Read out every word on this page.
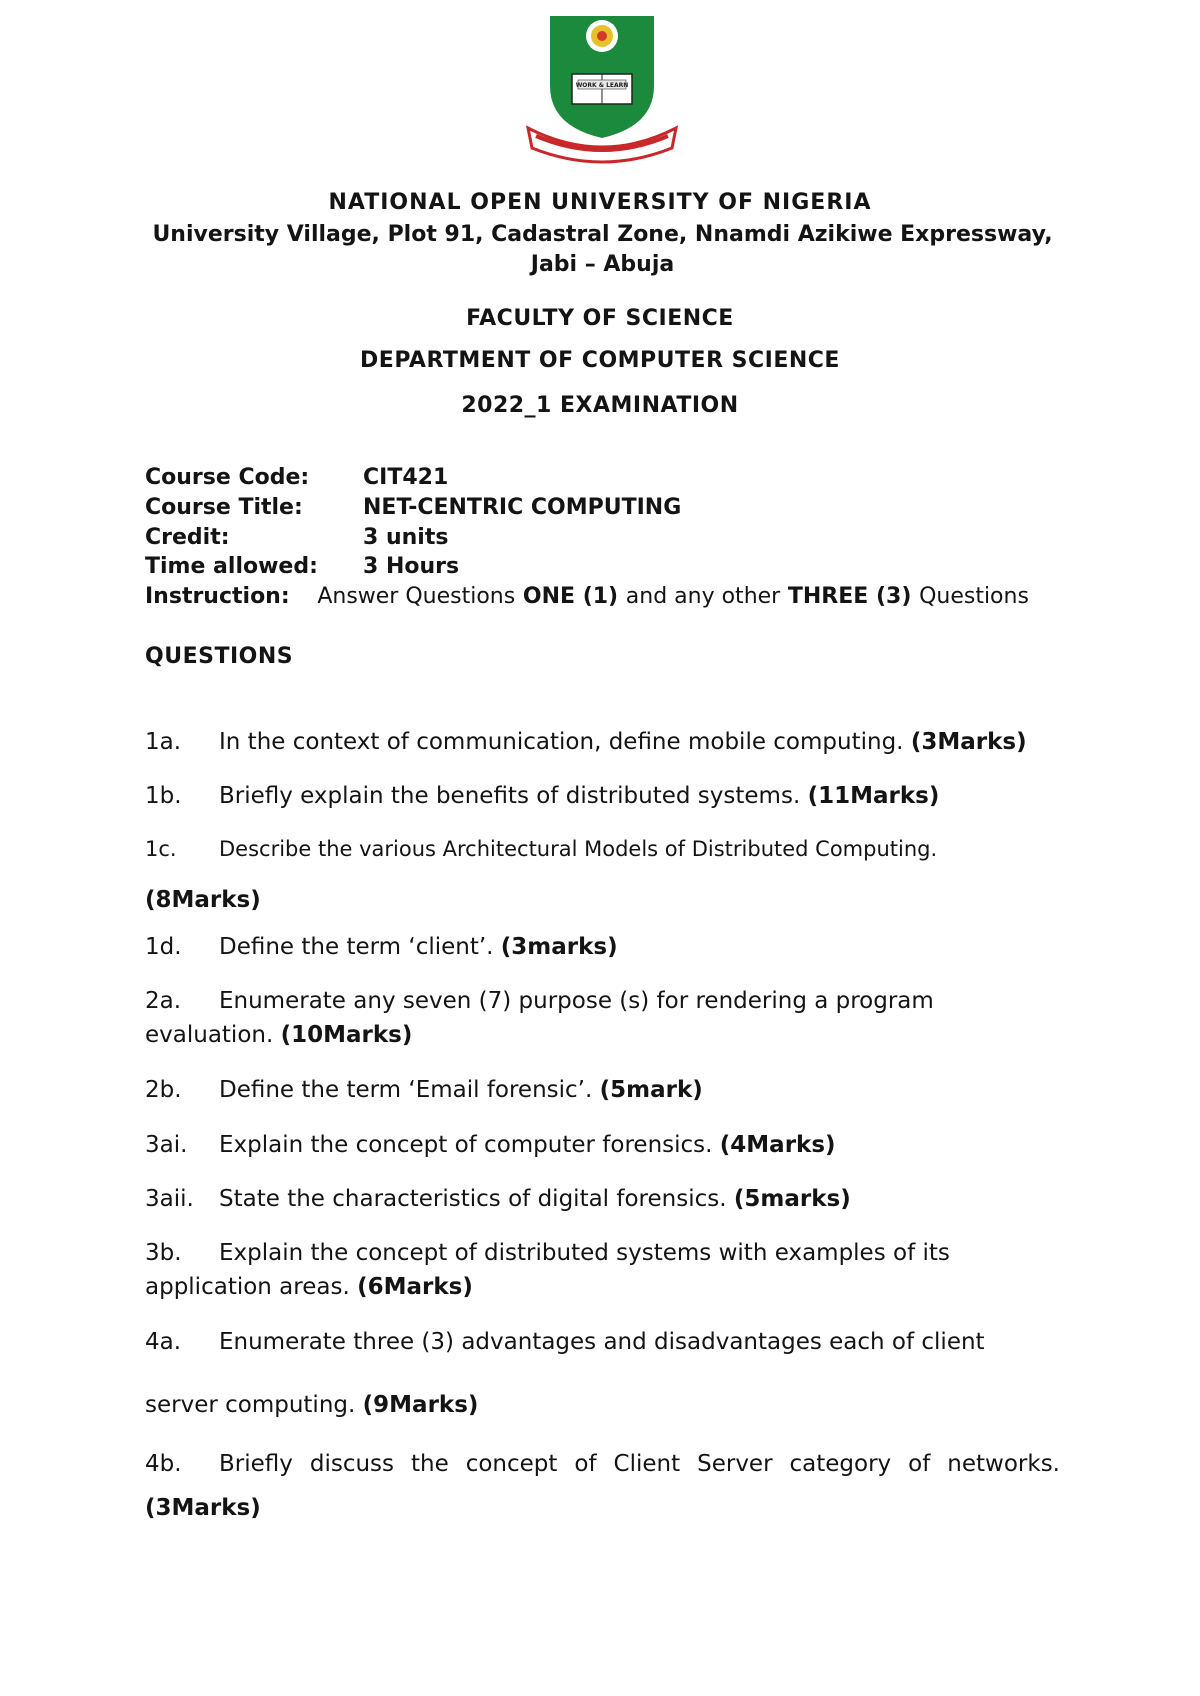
WORK & LEARN
NATIONAL OPEN UNIVERSITY OF NIGERIA
University Village, Plot 91, Cadastral Zone, Nnamdi Azikiwe Expressway, Jabi – Abuja
FACULTY OF SCIENCE
DEPARTMENT OF COMPUTER SCIENCE
2022_1 EXAMINATION
Course Code: CIT421
Course Title:	NET-CENTRIC COMPUTING
Credit:	3 units
Time allowed: 3 Hours
Instruction: Answer Questions ONE (1) and any other THREE (3) Questions
QUESTIONS
1a. In the context of communication, define mobile computing. (3Marks)
1b. Briefly explain the benefits of distributed systems. (11Marks)
1c. Describe the various Architectural Models of Distributed Computing.
(8Marks)
1d. Define the term ‘client’. (3marks)
2a. Enumerate any seven (7) purpose (s) for rendering a program evaluation. (10Marks)
2b. Define the term ‘Email forensic’. (5mark)
3ai. Explain the concept of computer forensics. (4Marks)
3aii. State the characteristics of digital forensics. (5marks)
3b. Explain the concept of distributed systems with examples of its application areas. (6Marks)
4a. Enumerate three (3) advantages and disadvantages each of client
server computing. (9Marks)
4b. Briefly discuss the concept of Client Server category of networks.
(3Marks)
